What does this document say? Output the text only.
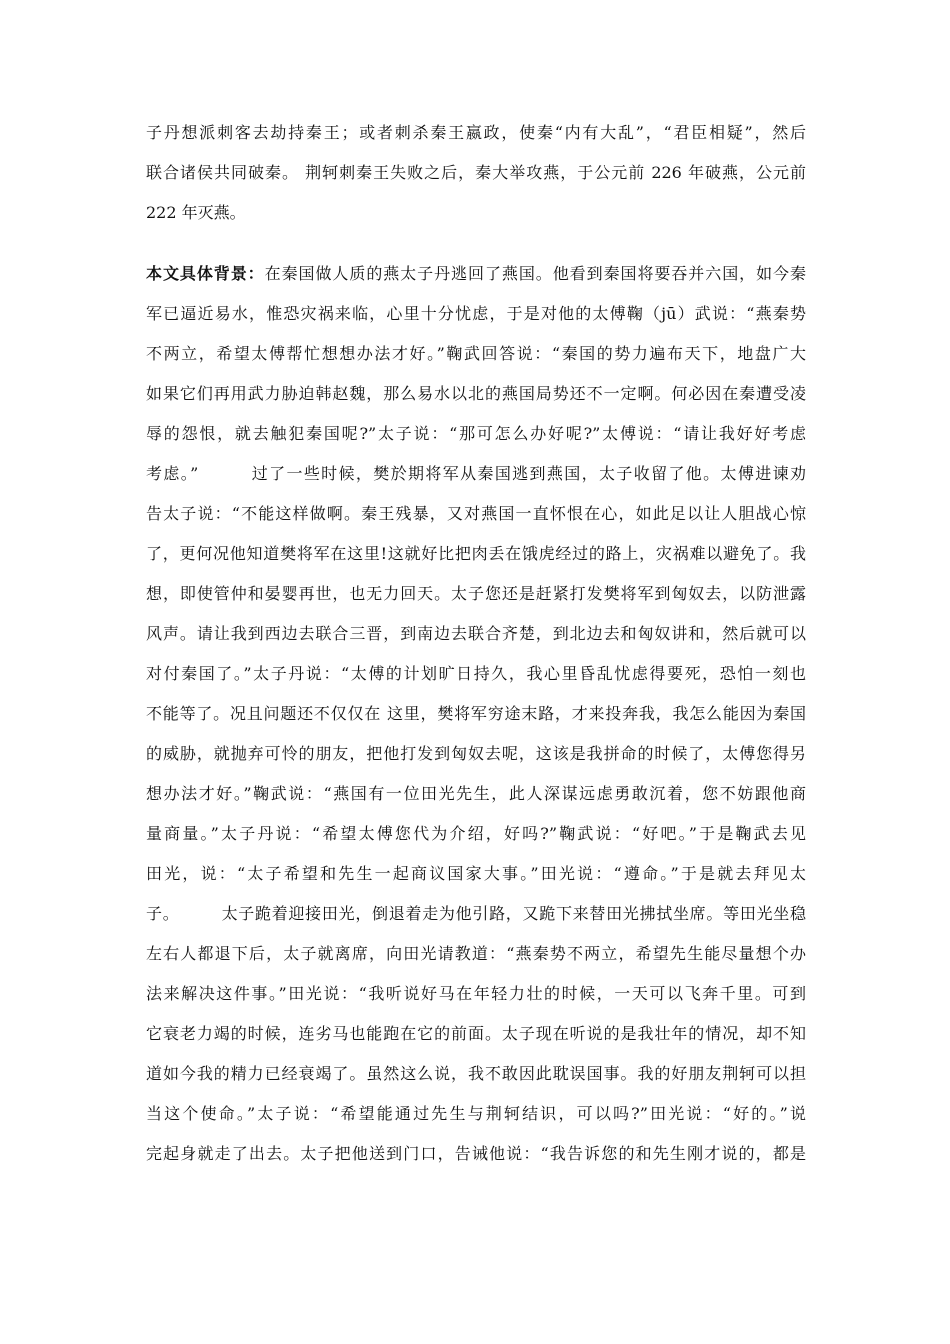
子丹想派刺客去劫持秦王；或者刺杀秦王嬴政，使秦“内有大乱”，“君臣相疑”，然后
联合诸侯共同破秦。 荆轲刺秦王失败之后，秦大举攻燕，于公元前 226 年破燕，公元前
222 年灭燕。
本文具体背景：在秦国做人质的燕太子丹逃回了燕国。他看到秦国将要吞并六国，如今秦
军已逼近易水，惟恐灾祸来临，心里十分忧虑，于是对他的太傅鞠（jū）武说：“燕秦势
不两立，希望太傅帮忙想想办法才好。”鞠武回答说：“秦国的势力遍布天下，地盘广大
如果它们再用武力胁迫韩赵魏，那么易水以北的燕国局势还不一定啊。何必因在秦遭受凌
辱的怨恨，就去触犯秦国呢?”太子说：“那可怎么办好呢?”太傅说：“请让我好好考虑
考虑。”　　　过了一些时候，樊於期将军从秦国逃到燕国，太子收留了他。太傅进谏劝
告太子说：“不能这样做啊。秦王残暴，又对燕国一直怀恨在心，如此足以让人胆战心惊
了，更何况他知道樊将军在这里!这就好比把肉丢在饿虎经过的路上，灾祸难以避免了。我
想，即使管仲和晏婴再世，也无力回天。太子您还是赶紧打发樊将军到匈奴去，以防泄露
风声。请让我到西边去联合三晋，到南边去联合齐楚，到北边去和匈奴讲和，然后就可以
对付秦国了。”太子丹说：“太傅的计划旷日持久，我心里昏乱忧虑得要死，恐怕一刻也
不能等了。况且问题还不仅仅在 这里，樊将军穷途末路，才来投奔我，我怎么能因为秦国
的威胁，就抛弃可怜的朋友，把他打发到匈奴去呢，这该是我拼命的时候了，太傅您得另
想办法才好。”鞠武说：“燕国有一位田光先生，此人深谋远虑勇敢沉着，您不妨跟他商
量商量。”太子丹说：“希望太傅您代为介绍，好吗?”鞠武说：“好吧。”于是鞠武去见
田光，说：“太子希望和先生一起商议国家大事。”田光说：“遵命。”于是就去拜见太
子。　　　太子跪着迎接田光，倒退着走为他引路，又跪下来替田光拂拭坐席。等田光坐稳
左右人都退下后，太子就离席，向田光请教道：“燕秦势不两立，希望先生能尽量想个办
法来解决这件事。”田光说：“我听说好马在年轻力壮的时候，一天可以飞奔千里。可到
它衰老力竭的时候，连劣马也能跑在它的前面。太子现在听说的是我壮年的情况，却不知
道如今我的精力已经衰竭了。虽然这么说，我不敢因此耽误国事。我的好朋友荆轲可以担
当这个使命。”太子说：“希望能通过先生与荆轲结识，可以吗?”田光说：“好的。”说
完起身就走了出去。太子把他送到门口，告诫他说：“我告诉您的和先生刚才说的，都是
